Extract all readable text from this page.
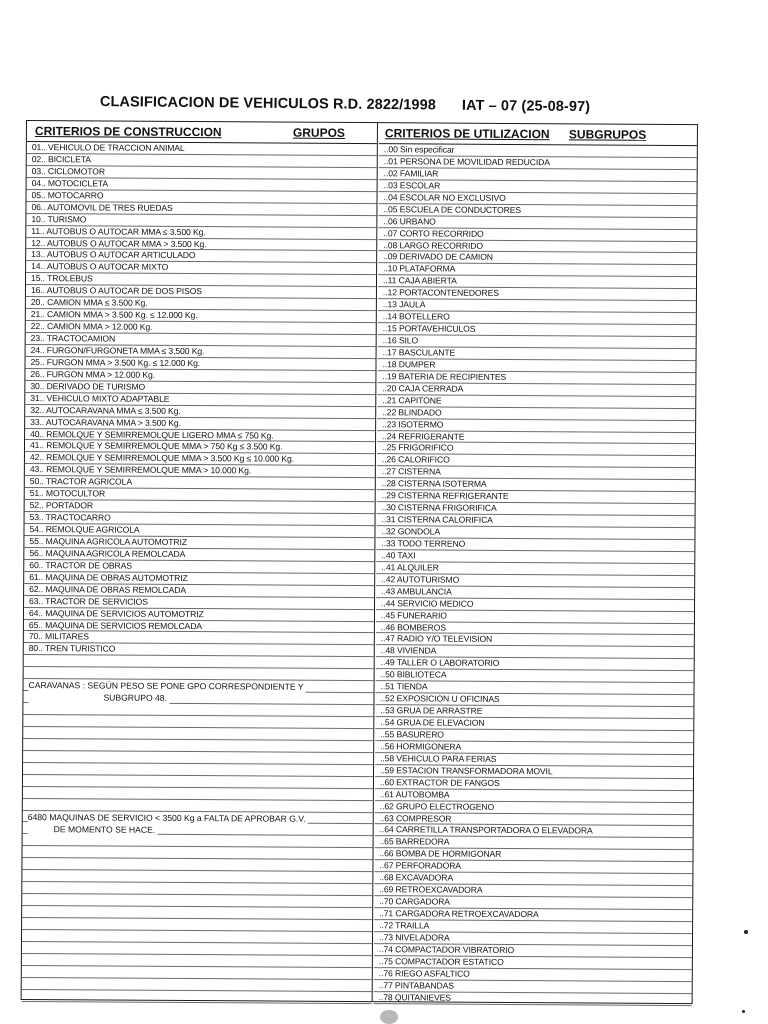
CLASIFICACION DE VEHICULOS R.D. 2822/1998 IAT – 07 (25-08-97)
CRITERIOS DE CONSTRUCCION	GRUPOS
01.. VEHICULO DE TRACCION ANIMAL
02.. BICICLETA
03.. CICLOMOTOR
04.. MOTOCICLETA
05.. MOTOCARRO
06.. AUTOMOVIL DE TRES RUEDAS
10.. TURISMO
11.. AUTOBUS O AUTOCAR MMA ≤ 3.500 Kg.
12.. AUTOBUS O AUTOCAR MMA > 3.500 Kg.
13.. AUTOBUS O AUTOCAR ARTICULADO
14.. AUTOBUS O AUTOCAR MIXTO
15.. TROLEBUS
16.. AUTOBUS O AUTOCAR DE DOS PISOS
20.. CAMION MMA ≤ 3.500 Kg.
21.. CAMION MMA > 3.500 Kg. ≤ 12.000 Kg.
22.. CAMION MMA > 12.000 Kg.
23.. TRACTOCAMION
24.. FURGON/FURGONETA MMA ≤ 3.500 Kg.
25.. FURGON MMA > 3.500 Kg. ≤ 12.000 Kg.
26.. FURGON MMA > 12.000 Kg.
30.. DERIVADO DE TURISMO
31.. VEHICULO MIXTO ADAPTABLE
32.. AUTOCARAVANA MMA ≤ 3.500 Kg.
33.. AUTOCARAVANA MMA > 3.500 Kg.
40.. REMOLQUE Y SEMIRREMOLQUE LIGERO MMA ≤ 750 Kg.
41.. REMOLQUE Y SEMIRREMOLQUE MMA > 750 Kg ≤ 3.500 Kg.
42.. REMOLQUE Y SEMIRREMOLQUE MMA > 3.500 Kg ≤ 10.000 Kg.
43.. REMOLQUE Y SEMIRREMOLQUE MMA > 10.000 Kg.
50.. TRACTOR AGRICOLA
51.. MOTOCULTOR
52.. PORTADOR
53.. TRACTOCARRO
54.. REMOLQUE AGRICOLA
55.. MAQUINA AGRICOLA AUTOMOTRIZ
56.. MAQUINA AGRICOLA REMOLCADA
60.. TRACTOR DE OBRAS
61.. MAQUINA DE OBRAS AUTOMOTRIZ
62.. MAQUINA DE OBRAS REMOLCADA
63.. TRACTOR DE SERVICIOS
64.. MAQUINA DE SERVICIOS AUTOMOTRIZ
65.. MAQUINA DE SERVICIOS REMOLCADA
70.. MILITARES
80.. TREN TURISTICO
CARAVANAS : SEGÚN PESO SE PONE GPO CORRESPONDIENTE Y
SUBGRUPO 48.
6480 MAQUINAS DE SERVICIO < 3500 Kg a FALTA DE APROBAR G.V.
DE MOMENTO SE HACE.
CRITERIOS DE UTILIZACION SUBGRUPOS
..00 Sin especificar
..01 PERSONA DE MOVILIDAD REDUCIDA
..02 FAMILIAR
..03 ESCOLAR
..04 ESCOLAR NO EXCLUSIVO
..05 ESCUELA DE CONDUCTORES
..06 URBANO
..07 CORTO RECORRIDO
..08 LARGO RECORRIDO
..09 DERIVADO DE CAMION
..10 PLATAFORMA
..11 CAJA ABIERTA
..12 PORTACONTENEDORES
..13 JAULA
..14 BOTELLERO
..15 PORTAVEHICULOS
..16 SILO
..17 BASCULANTE
..18 DUMPER
..19 BATERIA DE RECIPIENTES
..20 CAJA CERRADA
..21 CAPITONE
..22 BLINDADO
..23 ISOTERMO
..24 REFRIGERANTE
..25 FRIGORIFICO
..26 CALORIFICO
..27 CISTERNA
..28 CISTERNA ISOTERMA
..29 CISTERNA REFRIGERANTE
..30 CISTERNA FRIGORIFICA
..31 CISTERNA CALORIFICA
..32 GONDOLA
..33 TODO TERRENO
..40 TAXI
..41 ALQUILER
..42 AUTOTURISMO
..43 AMBULANCIA
..44 SERVICIO MEDICO
..45 FUNERARIO
..46 BOMBEROS
..47 RADIO Y/O TELEVISION
..48 VIVIENDA
..49 TALLER O LABORATORIO
..50 BIBLIOTECA
..51 TIENDA
..52 EXPOSICION U OFICINAS
..53 GRUA DE ARRASTRE
..54 GRUA DE ELEVACION
..55 BASURERO
..56 HORMIGONERA
..58 VEHICULO PARA FERIAS
..59 ESTACION TRANSFORMADORA MOVIL
..60 EXTRACTOR DE FANGOS
..61 AUTOBOMBA
..62 GRUPO ELECTROGENO
..63 COMPRESOR
..64 CARRETILLA TRANSPORTADORA O ELEVADORA
..65 BARREDORA
..66 BOMBA DE HORMIGONAR
..67 PERFORADORA
..68 EXCAVADORA
..69 RETROEXCAVADORA
..70 CARGADORA
..71 CARGADORA RETROEXCAVADORA
..72 TRAILLA
..73 NIVELADORA
..74 COMPACTADOR VIBRATORIO
..75 COMPACTADOR ESTATICO
..76 RIEGO ASFALTICO
..77 PINTABANDAS
..78 QUITANIEVES
